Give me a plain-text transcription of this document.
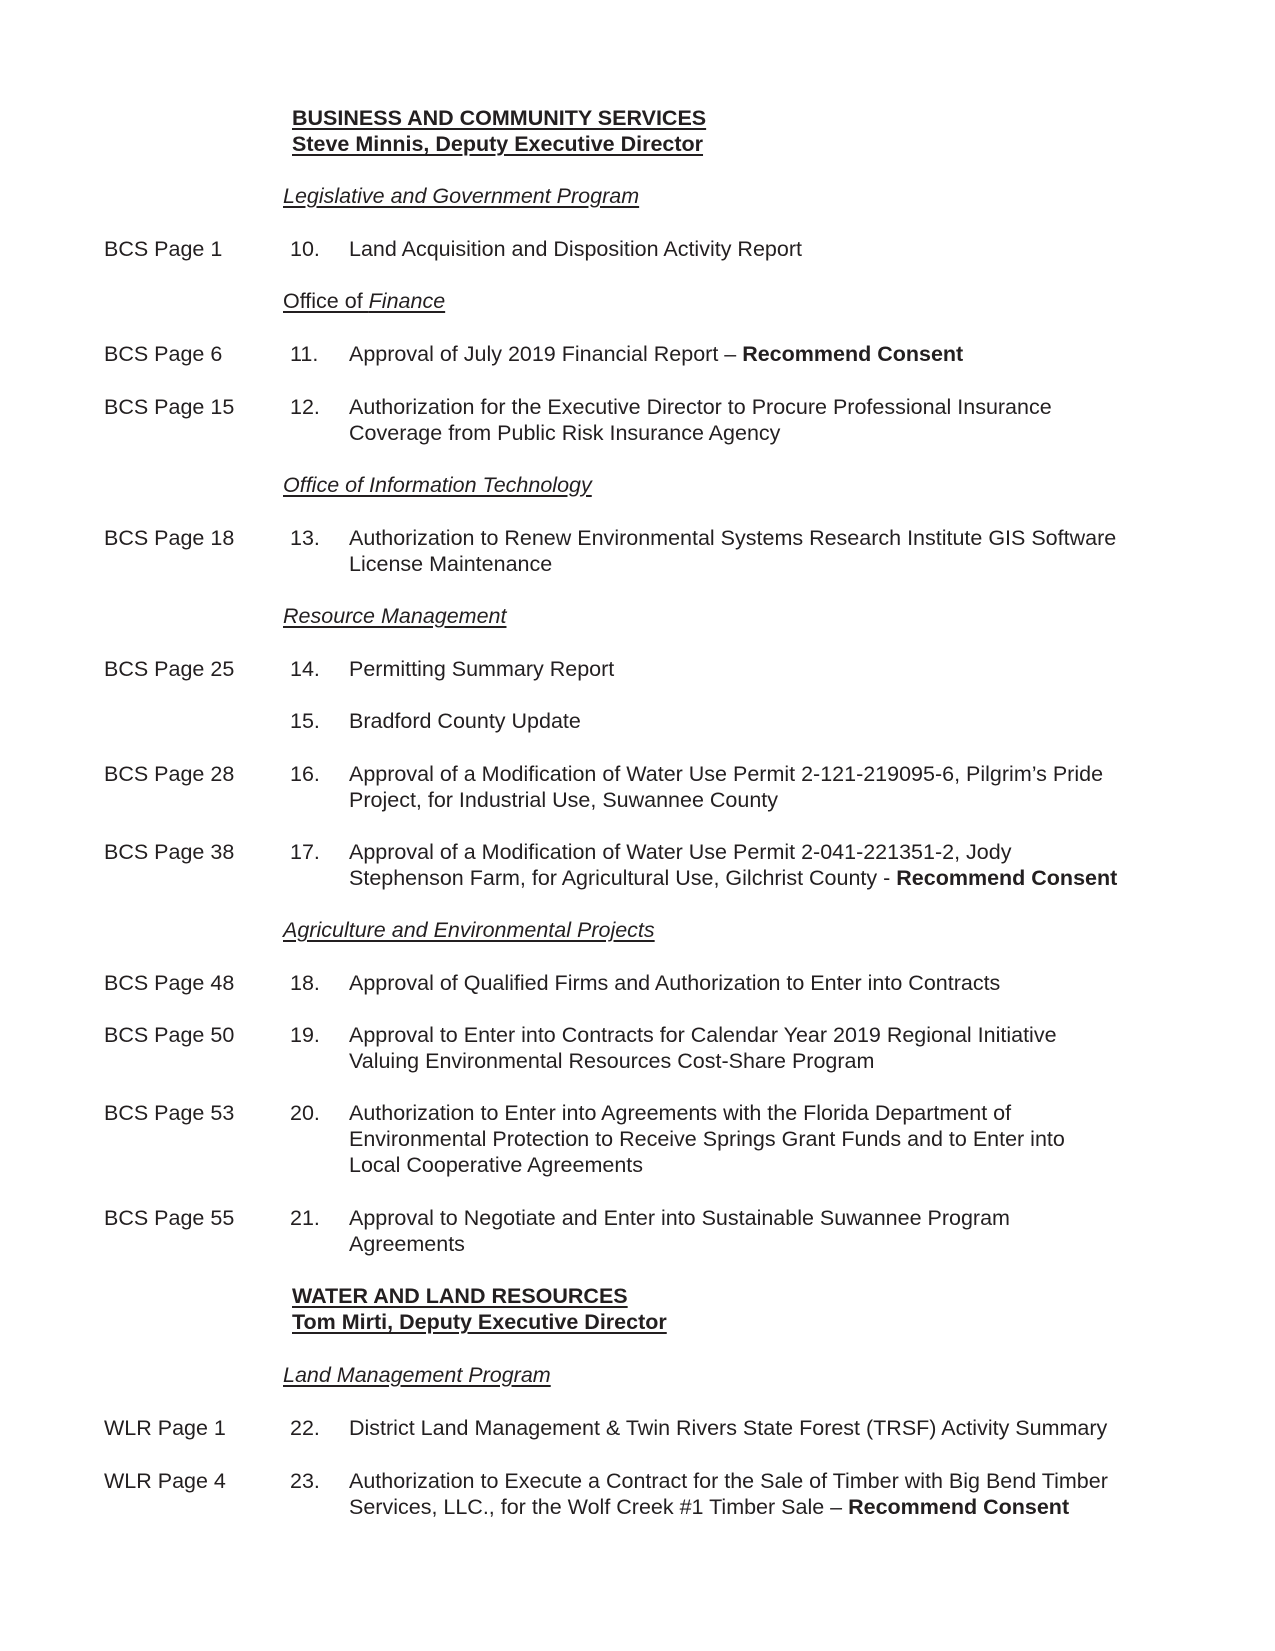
BUSINESS AND COMMUNITY SERVICES
Steve Minnis, Deputy Executive Director
Legislative and Government Program
BCS Page 1	10. Land Acquisition and Disposition Activity Report
Office of Finance
BCS Page 6	11. Approval of July 2019 Financial Report – Recommend Consent
BCS Page 15	12. Authorization for the Executive Director to Procure Professional Insurance
Coverage from Public Risk Insurance Agency
Office of Information Technology
BCS Page 18	13. Authorization to Renew Environmental Systems Research Institute GIS Software
License Maintenance
Resource Management
BCS Page 25	14. Permitting Summary Report
15. Bradford County Update
BCS Page 28	16. Approval of a Modification of Water Use Permit 2-121-219095-6, Pilgrim’s Pride
Project, for Industrial Use, Suwannee County
BCS Page 38	17. Approval of a Modification of Water Use Permit 2-041-221351-2, Jody
Stephenson Farm, for Agricultural Use, Gilchrist County - Recommend Consent
Agriculture and Environmental Projects
BCS Page 48	18. Approval of Qualified Firms and Authorization to Enter into Contracts
BCS Page 50	19. Approval to Enter into Contracts for Calendar Year 2019 Regional Initiative
Valuing Environmental Resources Cost-Share Program
BCS Page 53	20. Authorization to Enter into Agreements with the Florida Department of
Environmental Protection to Receive Springs Grant Funds and to Enter into
Local Cooperative Agreements
BCS Page 55	21. Approval to Negotiate and Enter into Sustainable Suwannee Program
Agreements
WATER AND LAND RESOURCES
Tom Mirti, Deputy Executive Director
Land Management Program
WLR Page 1	22. District Land Management & Twin Rivers State Forest (TRSF) Activity Summary
WLR Page 4	23. Authorization to Execute a Contract for the Sale of Timber with Big Bend Timber
Services, LLC., for the Wolf Creek #1 Timber Sale – Recommend Consent
